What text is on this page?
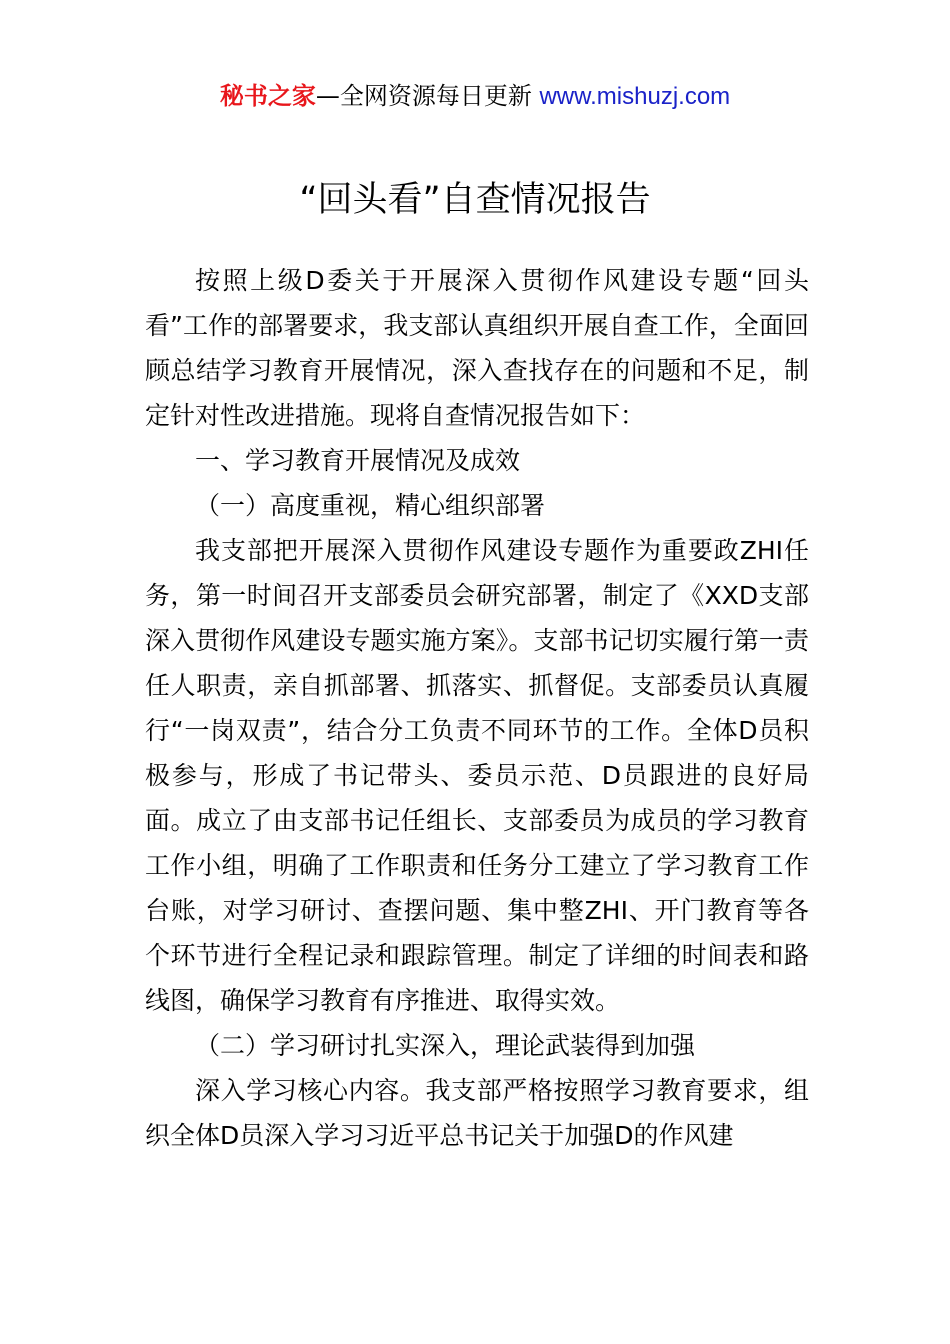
秘书之家—全网资源每日更新 www.mishuzj.com
“回头看”自查情况报告

按照上级D委关于开展深入贯彻作风建设专题“回头看”工作的部署要求，我支部认真组织开展自查工作，全面回顾总结学习教育开展情况，深入查找存在的问题和不足，制定针对性改进措施。现将自查情况报告如下：

一、学习教育开展情况及成效

（一）高度重视，精心组织部署

我支部把开展深入贯彻作风建设专题作为重要政ZHI任务，第一时间召开支部委员会研究部署，制定了《XXD支部深入贯彻作风建设专题实施方案》。支部书记切实履行第一责任人职责，亲自抓部署、抓落实、抓督促。支部委员认真履行“一岗双责”，结合分工负责不同环节的工作。全体D员积极参与，形成了书记带头、委员示范、D员跟进的良好局面。成立了由支部书记任组长、支部委员为成员的学习教育工作小组，明确了工作职责和任务分工建立了学习教育工作台账，对学习研讨、查摆问题、集中整ZHI、开门教育等各个环节进行全程记录和跟踪管理。制定了详细的时间表和路线图，确保学习教育有序推进、取得实效。

（二）学习研讨扎实深入，理论武装得到加强

深入学习核心内容。我支部严格按照学习教育要求，组织全体D员深入学习习近平总书记关于加强D的作风建
